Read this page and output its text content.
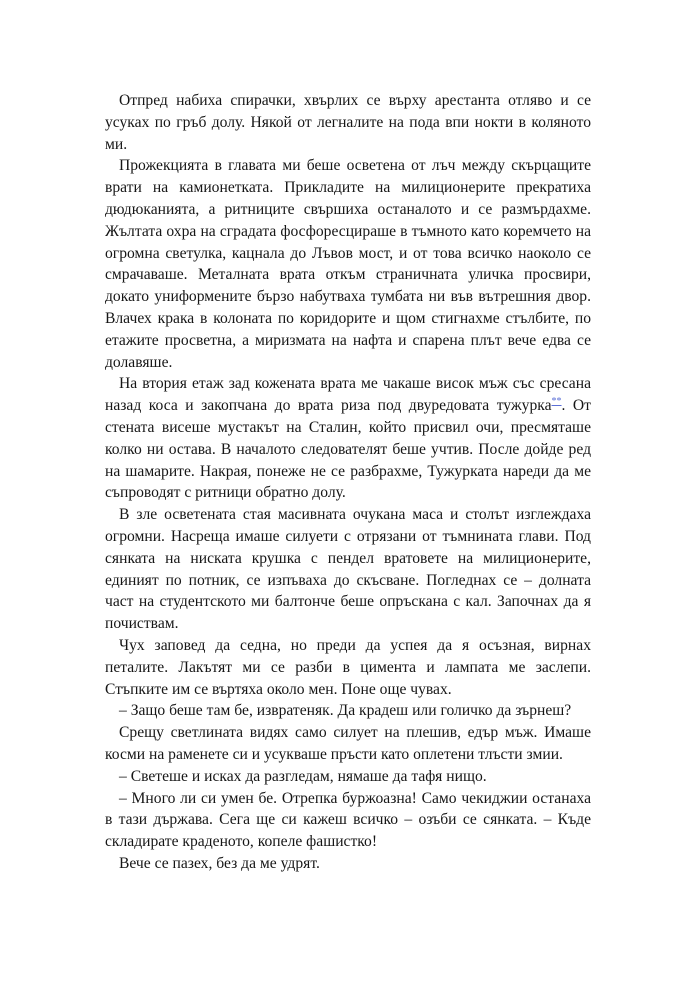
Отпред набиха спирачки, хвърлих се върху арестанта отляво и се усуках по гръб долу. Някой от легналите на пода впи нокти в коляното ми.

Прожекцията в главата ми беше осветена от лъч между скърцащите врати на камионетката. Прикладите на милиционерите прекратиха дюдюканията, а ритниците свършиха останалото и се размърдахме. Жълтата охра на сградата фосфоресцираше в тъмното като коремчето на огромна светулка, кацнала до Лъвов мост, и от това всичко наоколо се смрачаваше. Металната врата откъм страничната уличка просвири, докато униформените бързо набутваха тумбата ни във вътрешния двор. Влачех крака в колоната по коридорите и щом стигнахме стълбите, по етажите просветна, а миризмата на нафта и спарена плът вече едва се долавяше.

На втория етаж зад кожената врата ме чакаше висок мъж със сресана назад коса и закопчана до врата риза под двуредовата тужурка**. От стената висеше мустакът на Сталин, който присвил очи, пресмяташе колко ни остава. В началото следователят беше учтив. После дойде ред на шамарите. Накрая, понеже не се разбрахме, Тужурката нареди да ме съпроводят с ритници обратно долу.

В зле осветената стая масивната очукана маса и столът изглеждаха огромни. Насреща имаше силуети с отрязани от тъмнината глави. Под сянката на ниската крушка с пендел вратовете на милиционерите, единият по потник, се изпъваха до скъсване. Погледнах се – долната част на студентското ми балтонче беше опръскана с кал. Започнах да я почиствам.

Чух заповед да седна, но преди да успея да я осъзная, вирнах петалите. Лакътят ми се разби в цимента и лампата ме заслепи. Стъпките им се въртяха около мен. Поне още чувах.

– Защо беше там бе, извратеняк. Да крадеш или голичко да зърнеш?

Срещу светлината видях само силует на плешив, едър мъж. Имаше косми на раменете си и усукваше пръсти като оплетени тлъсти змии.

– Светеше и исках да разгледам, нямаше да тафя нищо.

– Много ли си умен бе. Отрепка буржоазна! Само чекиджии останаха в тази държава. Сега ще си кажеш всичко – озъби се сянката. – Къде складирате крадeното, копеле фашистко!

Вече се пазех, без да ме удрят.
